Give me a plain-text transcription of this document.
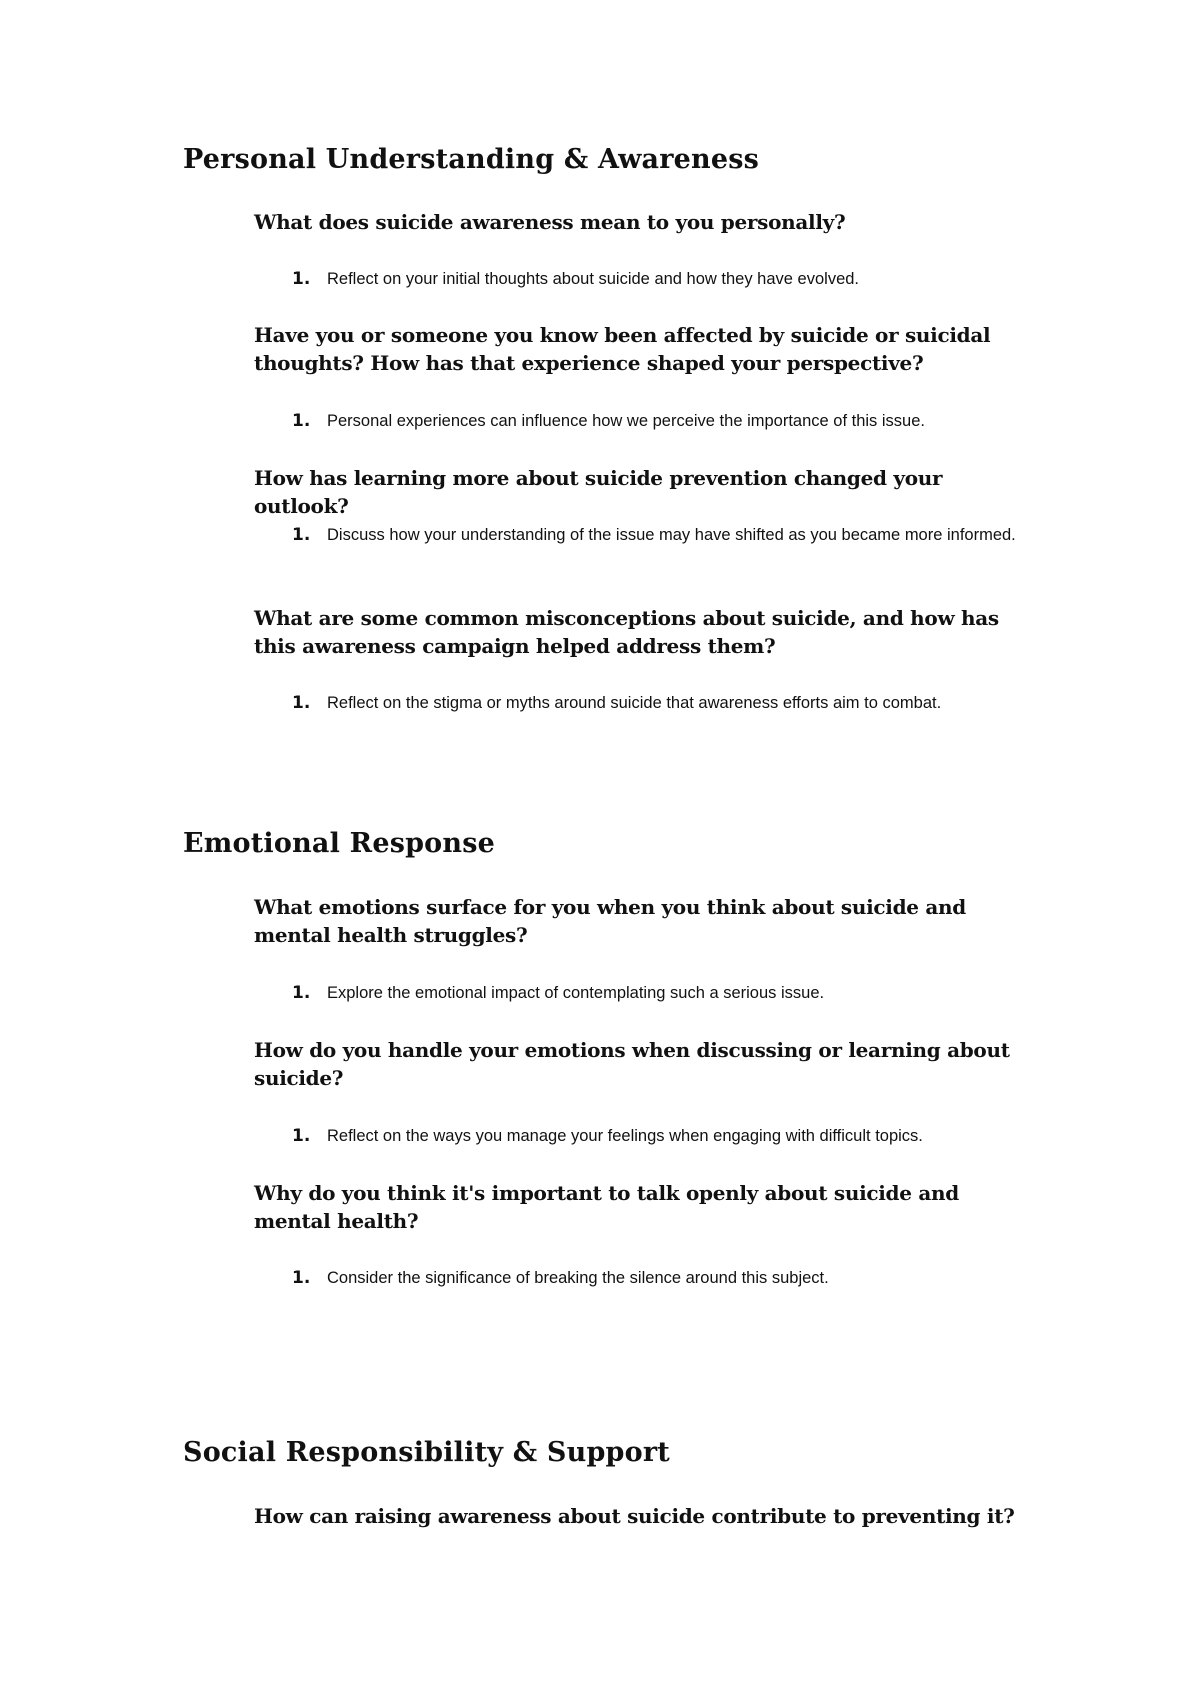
Personal Understanding & Awareness

What does suicide awareness mean to you personally?

1. Reflect on your initial thoughts about suicide and how they have evolved.

Have you or someone you know been affected by suicide or suicidal thoughts? How has that experience shaped your perspective?

1. Personal experiences can influence how we perceive the importance of this issue.

How has learning more about suicide prevention changed your outlook?

1. Discuss how your understanding of the issue may have shifted as you became more informed.

What are some common misconceptions about suicide, and how has this awareness campaign helped address them?

1. Reflect on the stigma or myths around suicide that awareness efforts aim to combat.
Emotional Response

What emotions surface for you when you think about suicide and mental health struggles?

1. Explore the emotional impact of contemplating such a serious issue.

How do you handle your emotions when discussing or learning about suicide?

1. Reflect on the ways you manage your feelings when engaging with difficult topics.

Why do you think it's important to talk openly about suicide and mental health?

1. Consider the significance of breaking the silence around this subject.
Social Responsibility & Support

How can raising awareness about suicide contribute to preventing it?
